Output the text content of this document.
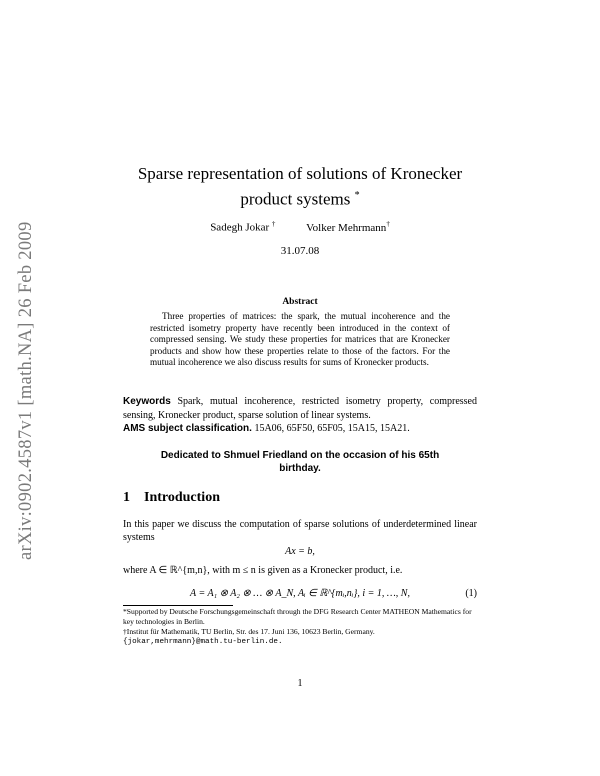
arXiv:0902.4587v1 [math.NA] 26 Feb 2009
Sparse representation of solutions of Kronecker
product systems *
Sadegh Jokar †	Volker Mehrmann†
31.07.08
Abstract
Three properties of matrices: the spark, the mutual incoherence and the restricted isometry property have recently been introduced in the context of compressed sensing. We study these properties for matrices that are Kronecker products and show how these properties relate to those of the factors. For the mutual incoherence we also discuss results for sums of Kronecker products.
Keywords Spark, mutual incoherence, restricted isometry property, compressed sensing, Kronecker product, sparse solution of linear systems.
AMS subject classification. 15A06, 65F50, 65F05, 15A15, 15A21.
Dedicated to Shmuel Friedland on the occasion of his 65th birthday.
1 Introduction
In this paper we discuss the computation of sparse solutions of underdetermined linear systems
Ax = b,
where A ∈ ℝ^{m,n}, with m ≤ n is given as a Kronecker product, i.e.
A = A₁ ⊗ A₂ ⊗ … ⊗ A_N, Aᵢ ∈ ℝ^{mᵢ,nᵢ}, i = 1, …, N,	(1)
*Supported by Deutsche Forschungsgemeinschaft through the DFG Research Center MATHEON Mathematics for key technologies in Berlin.
†Institut für Mathematik, TU Berlin, Str. des 17. Juni 136, 10623 Berlin, Germany.
{jokar,mehrmann}@math.tu-berlin.de.
1
